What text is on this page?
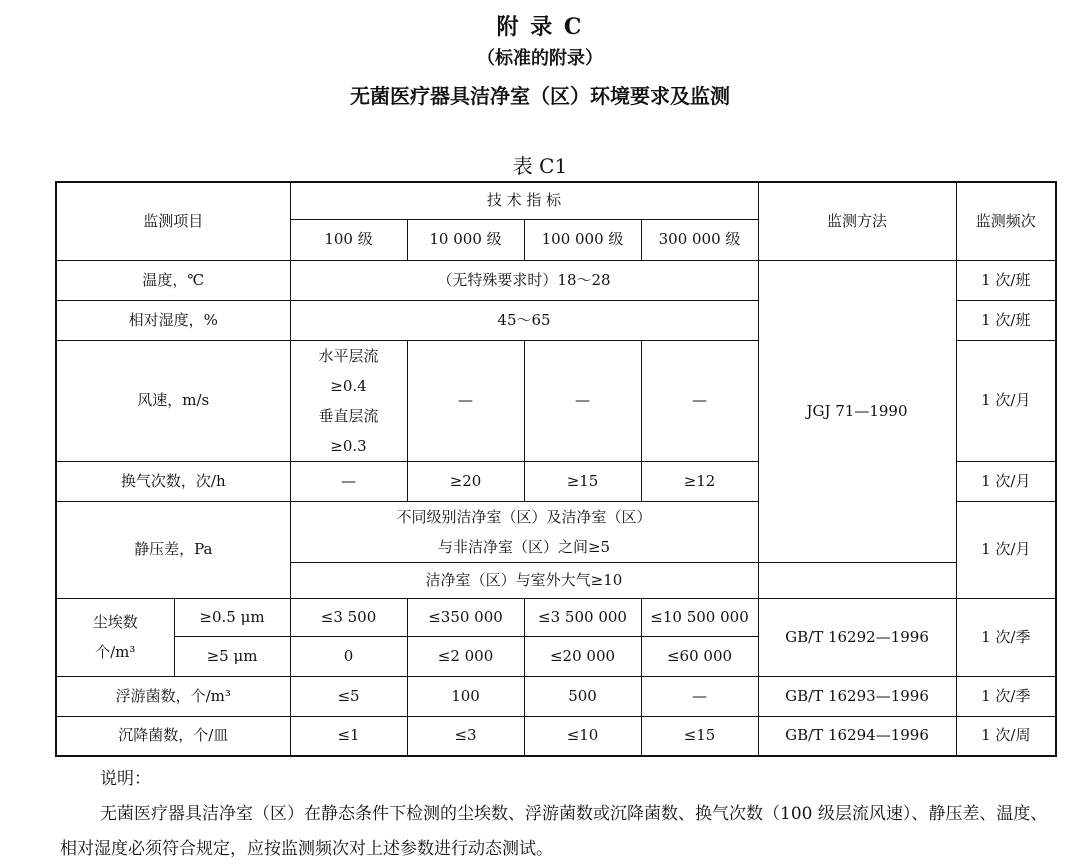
附 录 C
（标准的附录）
无菌医疗器具洁净室（区）环境要求及监测
表 C1
监测项目		技 术 指 标				监测方法	监测频次
		100 级	10 000 级	100 000 级	300 000 级		
温度，℃		（无特殊要求时）18～28				JGJ 71—1990	1 次/班
相对湿度，%		45～65					1 次/班
风速，m/s		水平层流
≥0.4
垂直层流
≥0.3	—	—	—		1 次/月
换气次数，次/h		—	≥20	≥15	≥12		1 次/月
静压差，Pa		不同级别洁净室（区）及洁净室（区）
与非洁净室（区）之间≥5					1 次/月
		洁净室（区）与室外大气≥10					

尘埃数
个/m³	≥0.5 μm	≤3 500	≤350 000	≤3 500 000	≤10 500 000	GB/T 16292—1996	1 次/季
	≥5 μm	0	≤2 000	≤20 000	≤60 000		
浮游菌数，个/m³		≤5	100	500	—	GB/T 16293—1996	1 次/季
沉降菌数，个/皿		≤1	≤3	≤10	≤15	GB/T 16294—1996	1 次/周
说明：
无菌医疗器具洁净室（区）在静态条件下检测的尘埃数、浮游菌数或沉降菌数、换气次数（100 级层流风速）、静压差、温度、相对湿度必须符合规定，应按监测频次对上述参数进行动态测试。
